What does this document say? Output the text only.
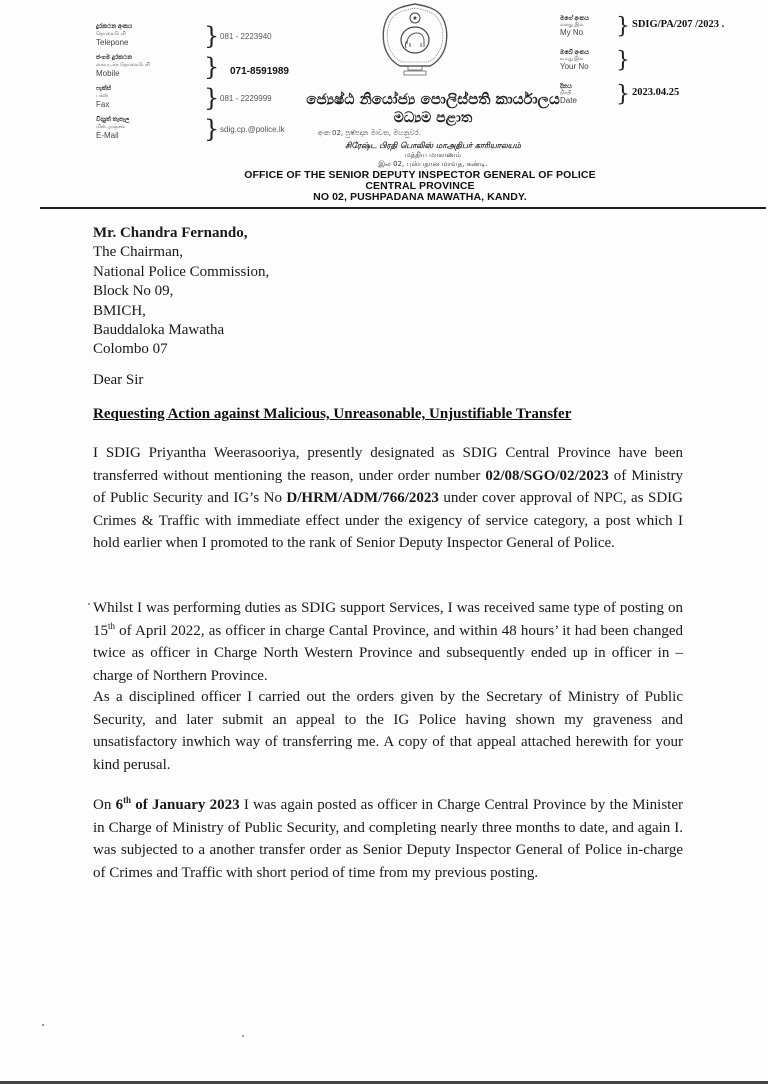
දුරකථන අංකය
தொலைபேசி
Telepone	} 081 - 2223940
ජංගම දුරකථන
கையடக்க தொலைபேசி
Mobile	} 071-8591989
ෆැක්ස්
பக்ஸ்
Fax	} 081 - 2229999
විද්‍යුත් තැපෑල
மின் அஞ்சல்
E-Mail	} sdig.cp.@police.lk
ජ්‍යෙෂ්ඨ නියෝජ්‍ය පොලිස්පති කාර්යාලය
මධ්‍යම පළාත
අංක 02, පුෂ්පදාන මාවත, මහනුවර.
சிரேஷ்ட பிரதி பொலிஸ் மாஅதிபர் காரியாலயம்
மத்திய மாகாணம்
இல 02, புஸ்பதான மாவத, கண்டி.
OFFICE OF THE SENIOR DEPUTY INSPECTOR GENERAL OF POLICE
CENTRAL PROVINCE
NO 02, PUSHPADANA MAWATHA, KANDY.
මගේ අංකය
எனது இல
My No	} SDIG/PA/207 /2023 .
ඔබේ අංකය
உமது இல
Your No	}
දිනය
திகதி
Date	} 2023.04.25
Mr. Chandra Fernando,
The Chairman,
National Police Commission,
Block No 09,
BMICH,
Bauddaloka Mawatha
Colombo 07
Dear Sir
Requesting Action against Malicious, Unreasonable, Unjustifiable Transfer

I SDIG Priyantha Weerasooriya, presently designated as SDIG Central Province have been transferred without mentioning the reason, under order number 02/08/SGO/02/2023 of Ministry of Public Security and IG’s No D/HRM/ADM/766/2023 under cover approval of NPC, as SDIG Crimes & Traffic with immediate effect under the exigency of service category, a post which I hold earlier when I promoted to the rank of Senior Deputy Inspector General of Police.

Whilst I was performing duties as SDIG support Services, I was received same type of posting on 15th of April 2022, as officer in charge Cantal Province, and within 48 hours’ it had been changed twice as officer in Charge North Western Province and subsequently ended up in officer in –charge of Northern Province.

As a disciplined officer I carried out the orders given by the Secretary of Ministry of Public Security, and later submit an appeal to the IG Police having shown my graveness and unsatisfactory inwhich way of transferring me. A copy of that appeal attached herewith for your kind perusal.

On 6th of January 2023 I was again posted as officer in Charge Central Province by the Minister in Charge of Ministry of Public Security, and completing nearly three months to date, and again I. was subjected to a another transfer order as Senior Deputy Inspector General of Police in-charge of Crimes and Traffic with short period of time from my previous posting.
